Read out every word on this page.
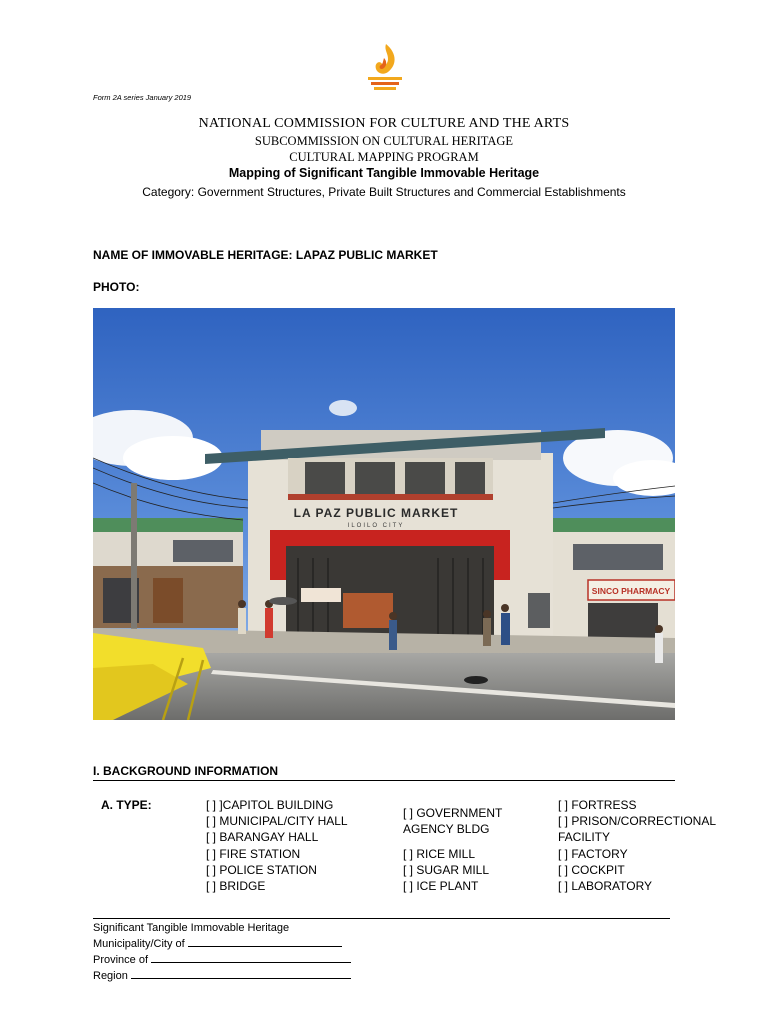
Form 2A series January 2019
NATIONAL COMMISSION FOR CULTURE AND THE ARTS
SUBCOMMISSION ON CULTURAL HERITAGE
CULTURAL MAPPING PROGRAM
Mapping of Significant Tangible Immovable Heritage
Category: Government Structures, Private Built Structures and Commercial Establishments
NAME OF IMMOVABLE HERITAGE: LAPAZ PUBLIC MARKET
PHOTO:
SINCO PHARMACY
LA PAZ PUBLIC MARKET
ILOILO CITY
I. BACKGROUND INFORMATION
A. TYPE:	[ ] ]CAPITOL BUILDING
[ ] MUNICIPAL/CITY HALL
[ ] BARANGAY HALL
[ ] FIRE STATION
[ ] POLICE STATION
[ ] BRIDGE
[ ] GOVERNMENT
AGENCY BLDG
[ ] RICE MILL
[ ] SUGAR MILL
[ ] ICE PLANT
[ ] FORTRESS
[ ] PRISON/CORRECTIONAL
FACILITY
[ ] FACTORY
[ ] COCKPIT
[ ] LABORATORY
Significant Tangible Immovable Heritage
Municipality/City of
Province of
Region
